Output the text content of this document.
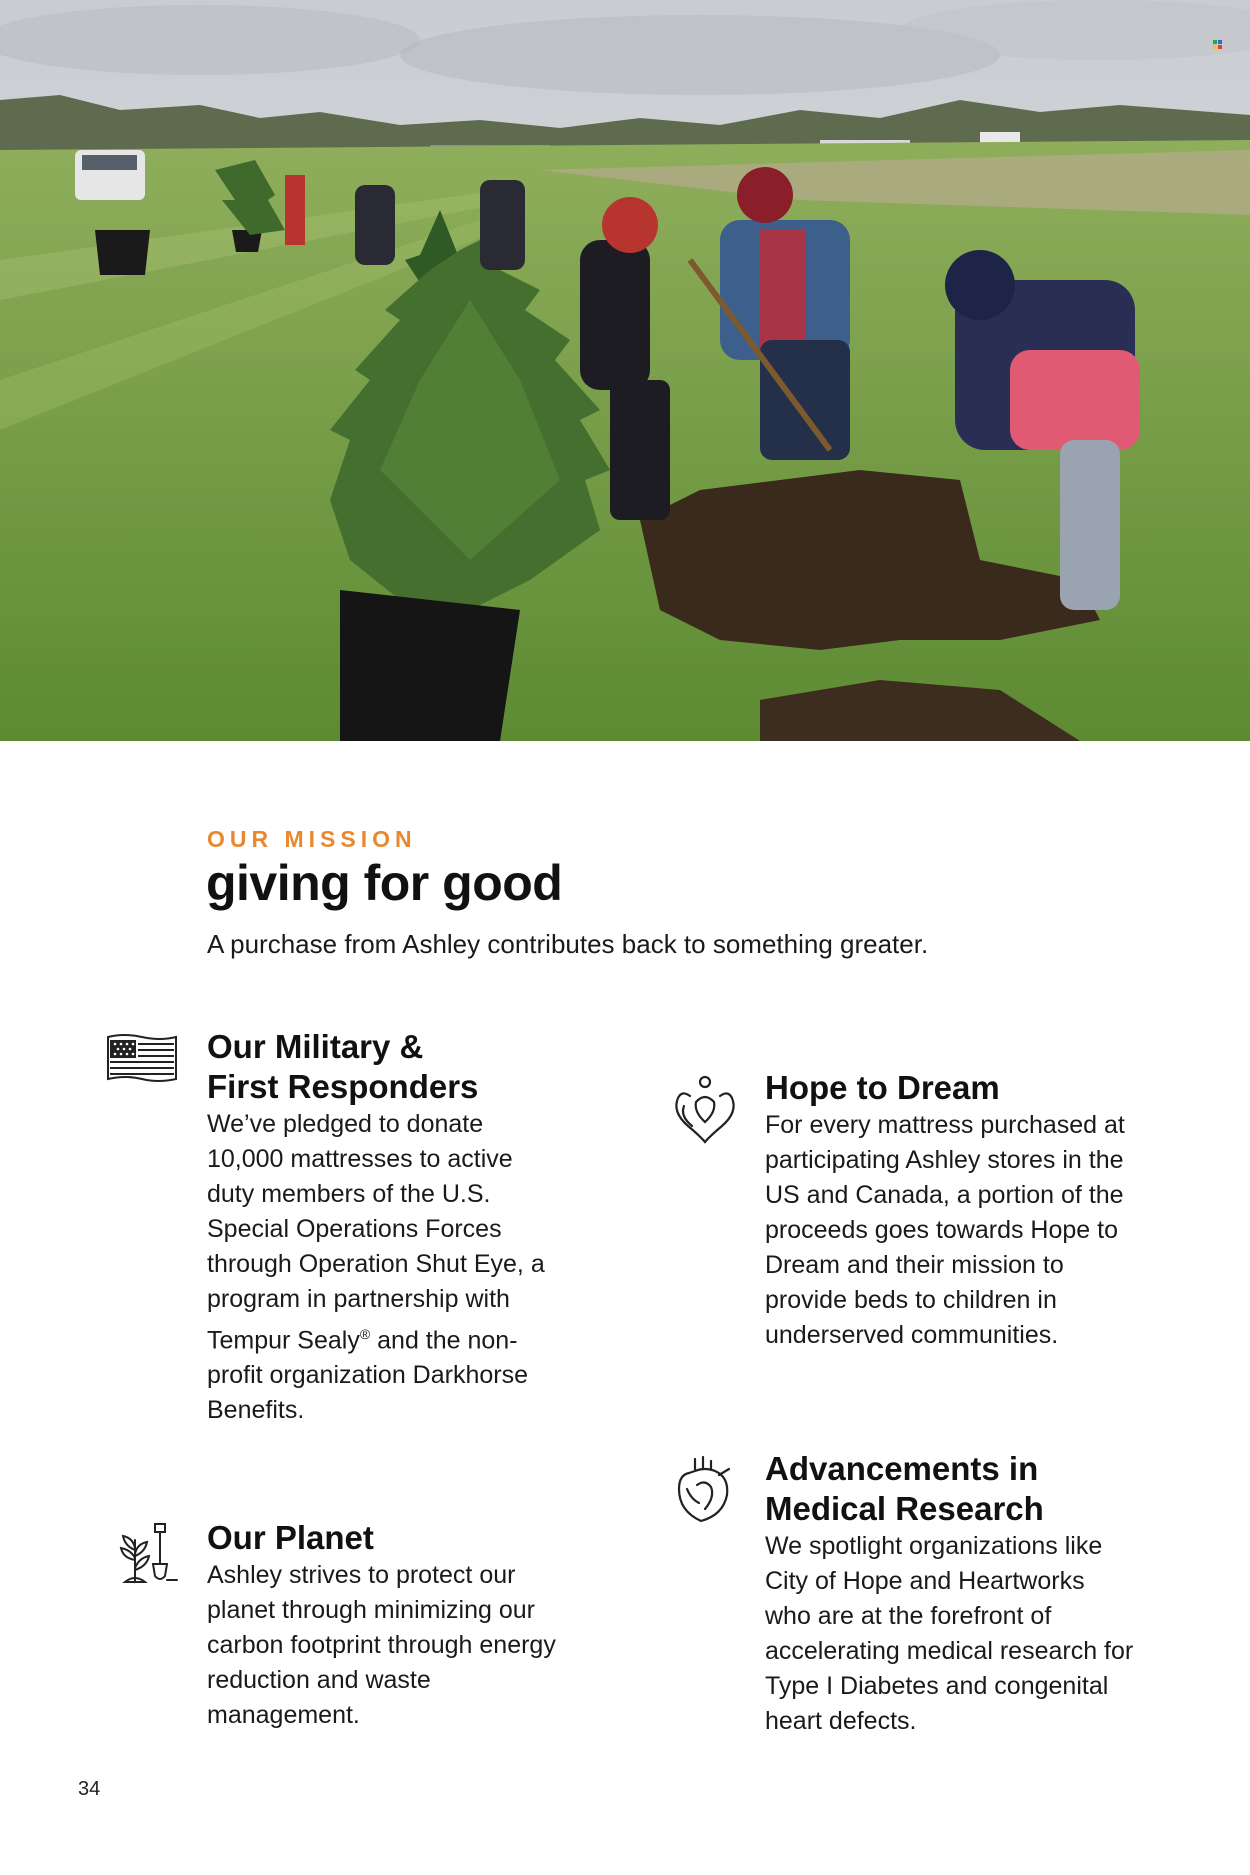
OUR MISSION
giving for good
A purchase from Ashley contributes back to something greater.
Our Military &
First Responders

We’ve pledged to donate 10,000 mattresses to active duty members of the U.S. Special Operations Forces through Operation Shut Eye, a program in partnership with Tempur Sealy® and the non-profit organization Darkhorse Benefits.

Our Planet

Ashley strives to protect our planet through minimizing our carbon footprint through energy reduction and waste management.

Hope to Dream

For every mattress purchased at participating Ashley stores in the US and Canada, a portion of the proceeds goes towards Hope to Dream and their mission to provide beds to children in underserved communities.

Advancements in
Medical Research

We spotlight organizations like City of Hope and Heartworks who are at the forefront of accelerating medical research for Type I Diabetes and congenital heart defects.

34
